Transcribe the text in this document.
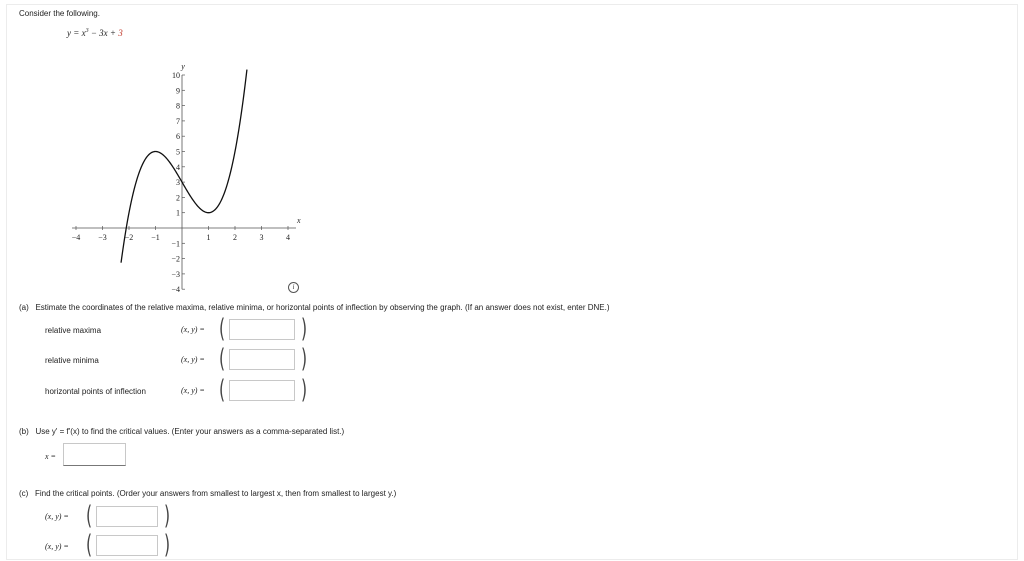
Consider the following.
$y = x^3 - 3x + 3$
−4 −3 −2 −1	1	2	3	4
10
9
8
7
6
5
4
3
2
1
−1
−2
−3
−4
y
x
i
(a) Estimate the coordinates of the relative maxima, relative minima, or horizontal points of inflection by observing the graph. (If an answer does not exist, enter DNE.)
relative maxima	(x, y) = (	)
relative minima	(x, y) = (	)
horizontal points of inflection	(x, y) = (	)
(b) Use y' = f'(x) to find the critical values. (Enter your answers as a comma-separated list.)
x =
(c) Find the critical points. (Order your answers from smallest to largest x, then from smallest to largest y.)
(x, y) = (	)
(x, y) = (	)
